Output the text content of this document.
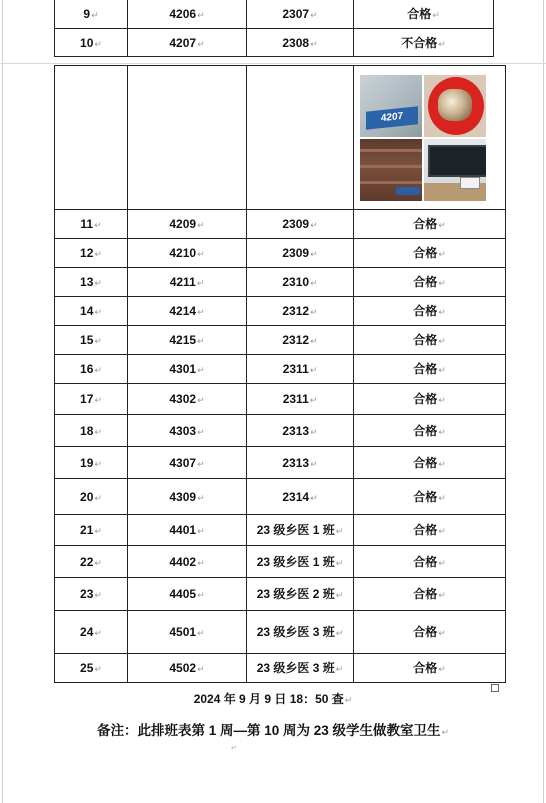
9↵	4206↵	2307↵	合格↵
10↵	4207↵	2308↵	不合格↵

			4207

11↵	4209↵	2309↵	合格↵
12↵	4210↵	2309↵	合格↵
13↵	4211↵	2310↵	合格↵
14↵	4214↵	2312↵	合格↵
15↵	4215↵	2312↵	合格↵
16↵	4301↵	2311↵	合格↵
17↵	4302↵	2311↵	合格↵
18↵	4303↵	2313↵	合格↵
19↵	4307↵	2313↵	合格↵
20↵	4309↵	2314↵	合格↵
21↵	4401↵	23 级乡医 1 班↵	合格↵
22↵	4402↵	23 级乡医 1 班↵	合格↵
23↵	4405↵	23 级乡医 2 班↵	合格↵
24↵	4501↵	23 级乡医 3 班↵	合格↵
25↵	4502↵	23 级乡医 3 班↵	合格↵
2024 年 9 月 9 日 18：50 查↵
备注：此排班表第 1 周—第 10 周为 23 级学生做教室卫生↵
↵
